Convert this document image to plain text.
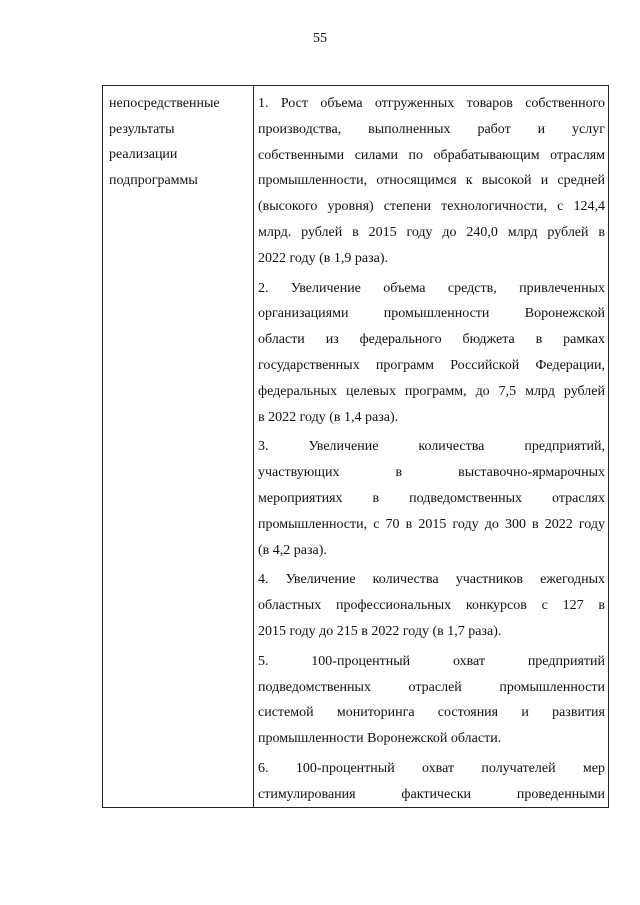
55
непосредственные
результаты
реализации
подпрограммы
1. Рост объема отгруженных товаров собственного
производства, выполненных работ и услуг
собственными силами по обрабатывающим отраслям
промышленности, относящимся к высокой и средней
(высокого уровня) степени технологичности, с 124,4
млрд. рублей в 2015 году до 240,0 млрд рублей в
2022 году (в 1,9 раза).
2. Увеличение объема средств, привлеченных
организациями промышленности Воронежской
области из федерального бюджета в рамках
государственных программ Российской Федерации,
федеральных целевых программ, до 7,5 млрд рублей
в 2022 году (в 1,4 раза).
3. Увеличение количества предприятий,
участвующих в выставочно-ярмарочных
мероприятиях в подведомственных отраслях
промышленности, с 70 в 2015 году до 300 в 2022 году
(в 4,2 раза).
4. Увеличение количества участников ежегодных
областных профессиональных конкурсов с 127 в
2015 году до 215 в 2022 году (в 1,7 раза).
5. 100-процентный охват предприятий
подведомственных отраслей промышленности
системой мониторинга состояния и развития
промышленности Воронежской области.
6. 100-процентный охват получателей мер
стимулирования фактически проведенными
